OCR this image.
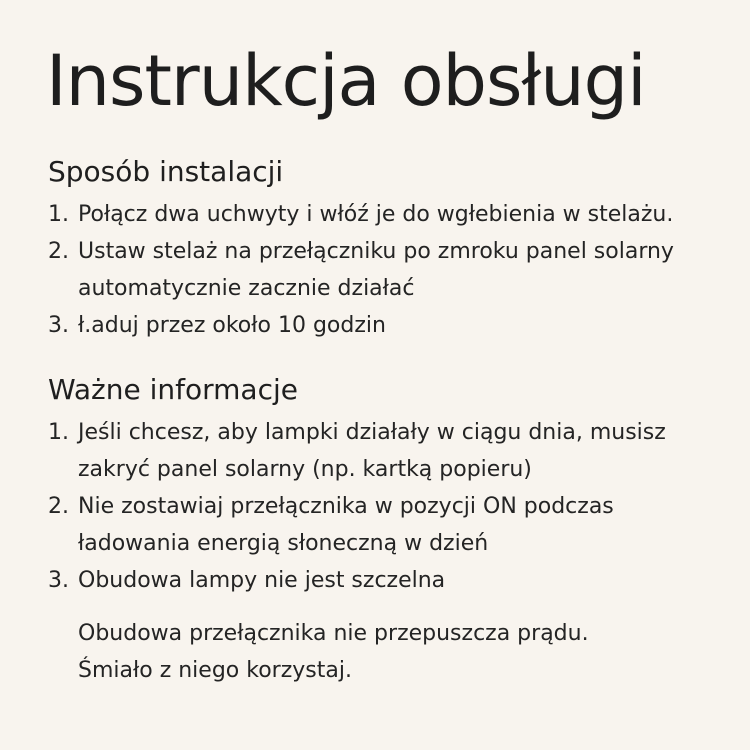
Instrukcja obsługi
Sposób instalacji
1. Połącz dwa uchwyty i włóź je do wgłebienia w stelażu.
2. Ustaw stelaż na przełączniku po zmroku panel solarny
automatycznie zacznie działać
3. ł.aduj przez około 10 godzin
Ważne informacje
1. Jeśli chcesz, aby lampki działały w ciągu dnia, musisz
zakryć panel solarny (np. kartką popieru)
2. Nie zostawiaj przełącznika w pozycji ON podczas
ładowania energią słoneczną w dzień
3. Obudowa lampy nie jest szczelna
Obudowa przełącznika nie przepuszcza prądu.
Śmiało z niego korzystaj.
